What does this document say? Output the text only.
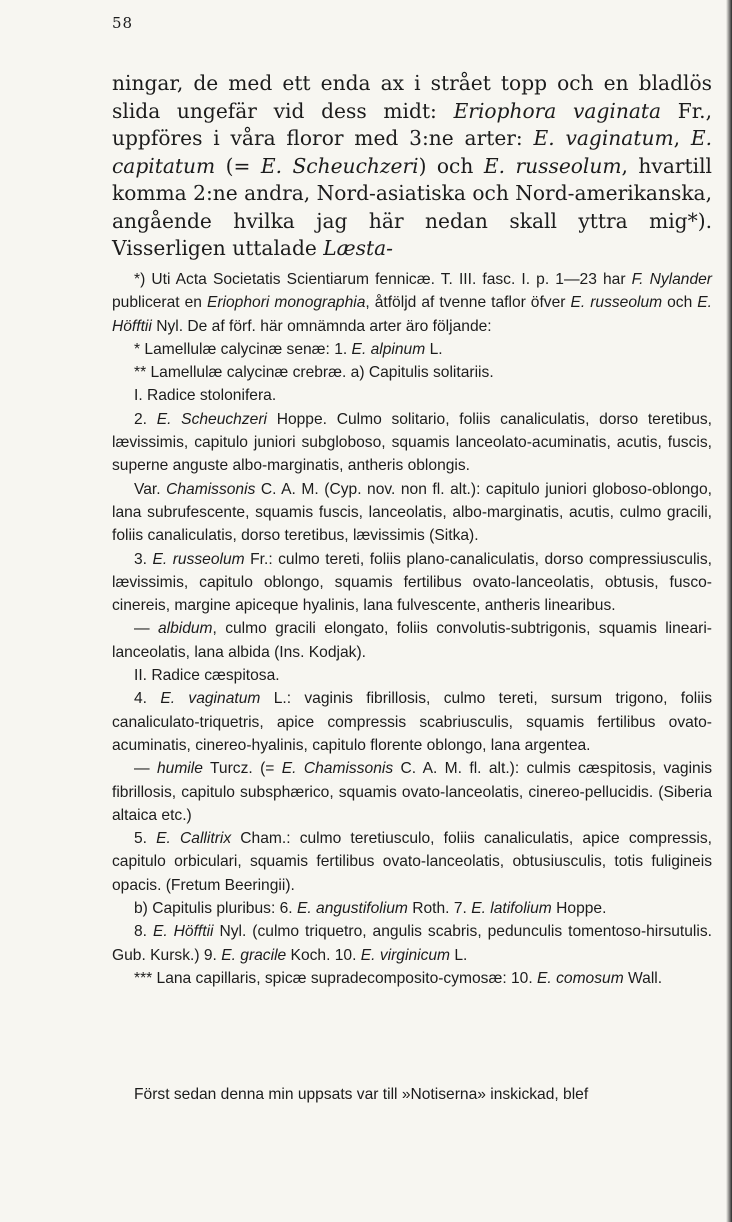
58

ningar, de med ett enda ax i strået topp och en bladlös slida ungefär vid dess midt: Eriophora vaginata Fr., uppföres i våra floror med 3:ne arter: E. vaginatum, E. capitatum (= E. Scheuchzeri) och E. russeolum, hvartill komma 2:ne andra, Nord-asiatiska och Nord-amerikanska, angående hvilka jag här nedan skall yttra mig*). Visserligen uttalade Læsta-

*) Uti Acta Societatis Scientiarum fennicæ. T. III. fasc. I. p. 1—23 har F. Nylander publicerat en Eriophori monographia, åtföljd af tvenne taflor öfver E. russeolum och E. Höfftii Nyl. De af förf. här omnämnda arter äro följande:

* Lamellulæ calycinæ senæ: 1. E. alpinum L.

** Lamellulæ calycinæ crebræ. a) Capitulis solitariis.

I. Radice stolonifera.

2. E. Scheuchzeri Hoppe. Culmo solitario, foliis canaliculatis, dorso teretibus, lævissimis, capitulo juniori subgloboso, squamis lanceolato-acuminatis, acutis, fuscis, superne anguste albo-marginatis, antheris oblongis.

Var. Chamissonis C. A. M. (Cyp. nov. non fl. alt.): capitulo juniori globoso-oblongo, lana subrufescente, squamis fuscis, lanceolatis, albo-marginatis, acutis, culmo gracili, foliis canaliculatis, dorso teretibus, lævissimis (Sitka).

3. E. russeolum Fr.: culmo tereti, foliis plano-canaliculatis, dorso compressiusculis, lævissimis, capitulo oblongo, squamis fertilibus ovato-lanceolatis, obtusis, fusco-cinereis, margine apiceque hyalinis, lana fulvescente, antheris linearibus.

— albidum, culmo gracili elongato, foliis convolutis-subtrigonis, squamis lineari-lanceolatis, lana albida (Ins. Kodjak).

II. Radice cæspitosa.

4. E. vaginatum L.: vaginis fibrillosis, culmo tereti, sursum trigono, foliis canaliculato-triquetris, apice compressis scabriusculis, squamis fertilibus ovato-acuminatis, cinereo-hyalinis, capitulo florente oblongo, lana argentea.

— humile Turcz. (= E. Chamissonis C. A. M. fl. alt.): culmis cæspitosis, vaginis fibrillosis, capitulo subsphærico, squamis ovato-lanceolatis, cinereo-pellucidis. (Siberia altaica etc.)

5. E. Callitrix Cham.: culmo teretiusculo, foliis canaliculatis, apice compressis, capitulo orbiculari, squamis fertilibus ovato-lanceolatis, obtusiusculis, totis fuligineis opacis. (Fretum Beeringii).

b) Capitulis pluribus: 6. E. angustifolium Roth. 7. E. latifolium Hoppe.

8. E. Höfftii Nyl. (culmo triquetro, angulis scabris, pedunculis tomentoso-hirsutulis. Gub. Kursk.) 9. E. gracile Koch. 10. E. virginicum L.

*** Lana capillaris, spicæ supradecomposito-cymosæ: 10. E. comosum Wall.

Först sedan denna min uppsats var till »Notiserna» inskickad, blef
